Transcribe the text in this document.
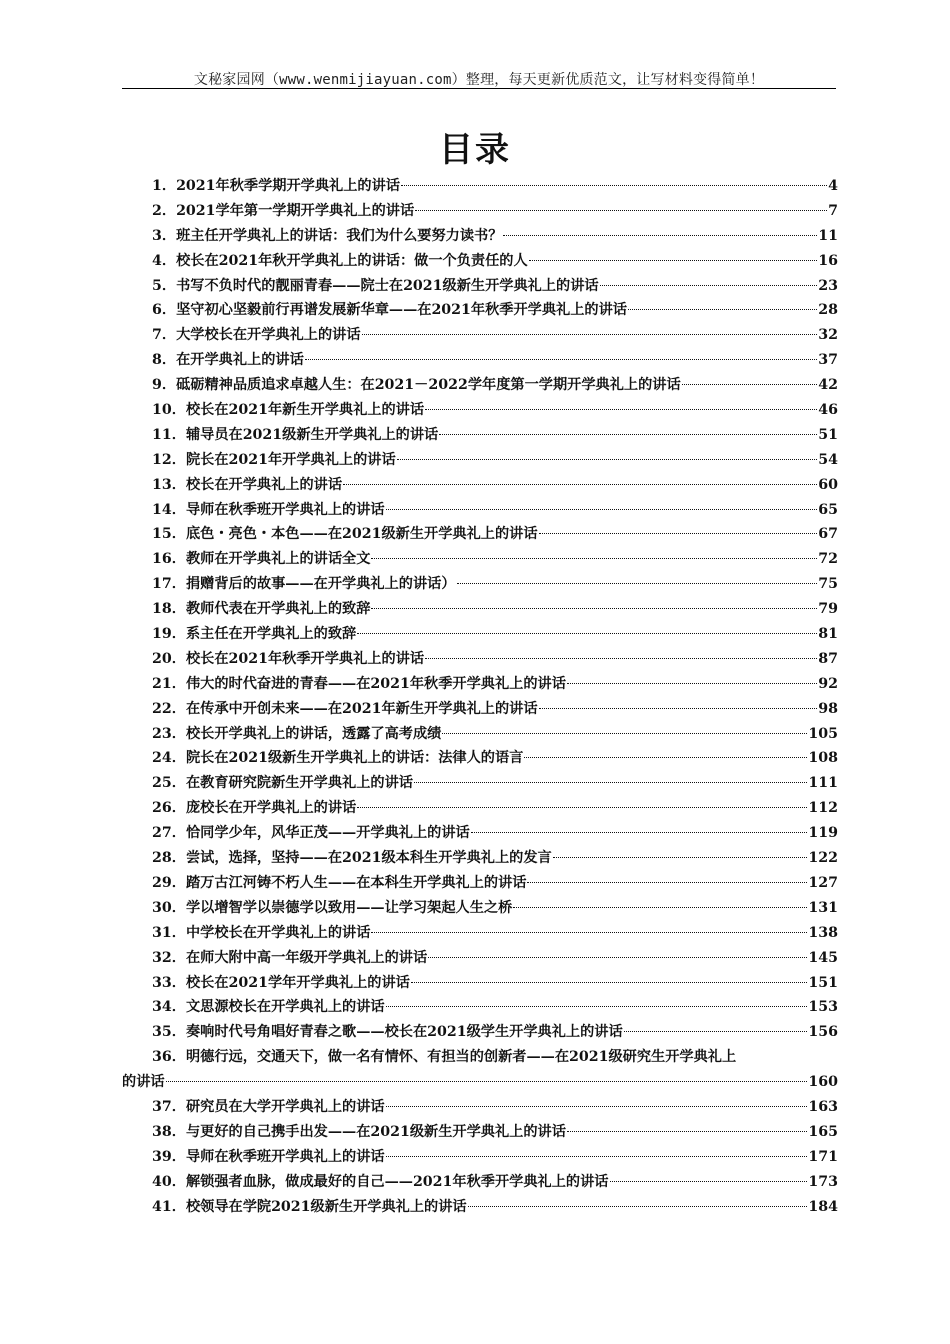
文秘家园网（www.wenmijiayuan.com）整理，每天更新优质范文，让写材料变得简单！
目录
1． 2021年秋季学期开学典礼上的讲话	4
2． 2021学年第一学期开学典礼上的讲话	7
3． 班主任开学典礼上的讲话：我们为什么要努力读书？	11
4． 校长在2021年秋开学典礼上的讲话：做一个负责任的人	16
5． 书写不负时代的靓丽青春——院士在2021级新生开学典礼上的讲话	23
6． 坚守初心坚毅前行再谱发展新华章——在2021年秋季开学典礼上的讲话	28
7． 大学校长在开学典礼上的讲话	32
8． 在开学典礼上的讲话	37
9． 砥砺精神品质追求卓越人生：在2021－2022学年度第一学期开学典礼上的讲话	42
10． 校长在2021年新生开学典礼上的讲话	46
11． 辅导员在2021级新生开学典礼上的讲话	51
12． 院长在2021年开学典礼上的讲话	54
13． 校长在开学典礼上的讲话	60
14． 导师在秋季班开学典礼上的讲话	65
15． 底色・亮色・本色——在2021级新生开学典礼上的讲话	67
16． 教师在开学典礼上的讲话全文	72
17． 捐赠背后的故事——在开学典礼上的讲话）	75
18． 教师代表在开学典礼上的致辞	79
19． 系主任在开学典礼上的致辞	81
20． 校长在2021年秋季开学典礼上的讲话	87
21． 伟大的时代奋进的青春——在2021年秋季开学典礼上的讲话	92
22． 在传承中开创未来——在2021年新生开学典礼上的讲话	98
23． 校长开学典礼上的讲话，透露了高考成绩	105
24． 院长在2021级新生开学典礼上的讲话：法律人的语言	108
25． 在教育研究院新生开学典礼上的讲话	111
26． 庞校长在开学典礼上的讲话	112
27． 恰同学少年，风华正茂——开学典礼上的讲话	119
28． 尝试，选择，坚持——在2021级本科生开学典礼上的发言	122
29． 踏万古江河铸不朽人生——在本科生开学典礼上的讲话	127
30． 学以增智学以崇德学以致用——让学习架起人生之桥	131
31． 中学校长在开学典礼上的讲话	138
32． 在师大附中高一年级开学典礼上的讲话	145
33． 校长在2021学年开学典礼上的讲话	151
34． 文思源校长在开学典礼上的讲话	153
35． 奏响时代号角唱好青春之歌——校长在2021级学生开学典礼上的讲话	156
36． 明德行远，交通天下，做一名有情怀、有担当的创新者——在2021级研究生开学典礼上
的讲话	160
37． 研究员在大学开学典礼上的讲话	163
38． 与更好的自己携手出发——在2021级新生开学典礼上的讲话	165
39． 导师在秋季班开学典礼上的讲话	171
40． 解锁强者血脉，做成最好的自己——2021年秋季开学典礼上的讲话	173
41． 校领导在学院2021级新生开学典礼上的讲话	184
